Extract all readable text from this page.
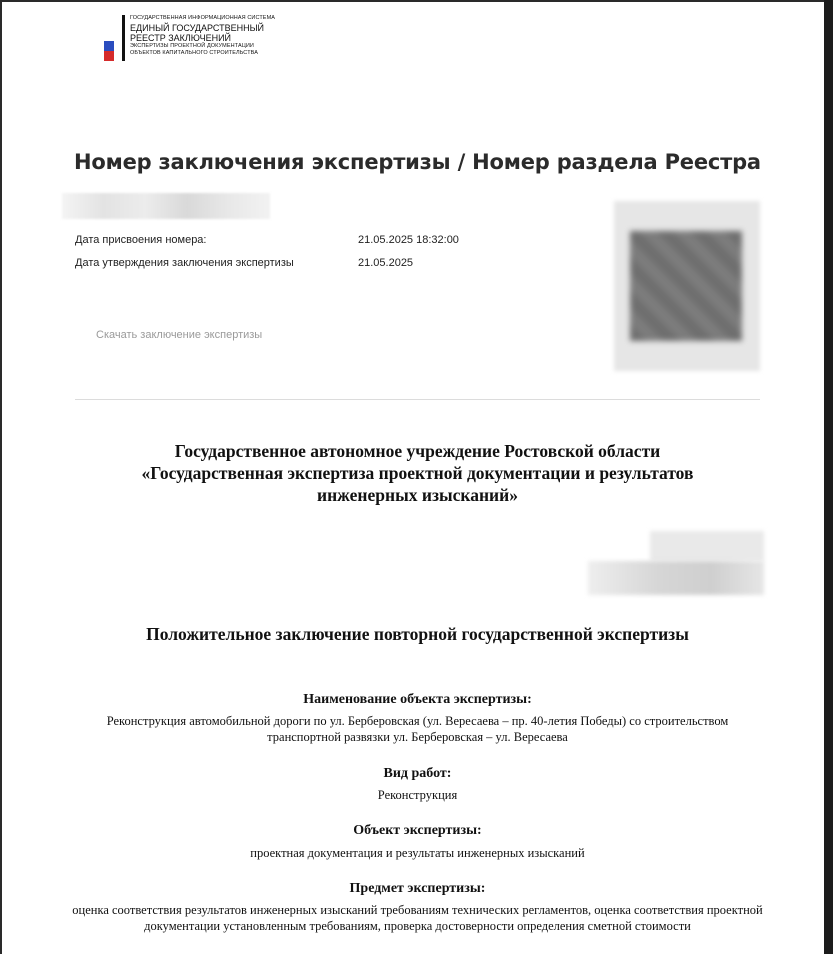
ГОСУДАРСТВЕННАЯ ИНФОРМАЦИОННАЯ СИСТЕМА
ЕДИНЫЙ ГОСУДАРСТВЕННЫЙ
РЕЕСТР ЗАКЛЮЧЕНИЙ
ЭКСПЕРТИЗЫ ПРОЕКТНОЙ ДОКУМЕНТАЦИИ
ОБЪЕКТОВ КАПИТАЛЬНОГО СТРОИТЕЛЬСТВА
Номер заключения экспертизы / Номер раздела Реестра
Дата присвоения номера:	21.05.2025 18:32:00
Дата утверждения заключения экспертизы	21.05.2025
Скачать заключение экспертизы
Государственное автономное учреждение Ростовской области
«Государственная экспертиза проектной документации и результатов
инженерных изысканий»
Положительное заключение повторной государственной экспертизы
Наименование объекта экспертизы:
Реконструкция автомобильной дороги по ул. Берберовская (ул. Вересаева – пр. 40-летия Победы) со строительством транспортной развязки ул. Берберовская – ул. Вересаева
Вид работ:
Реконструкция
Объект экспертизы:
проектная документация и результаты инженерных изысканий
Предмет экспертизы:
оценка соответствия результатов инженерных изысканий требованиям технических регламентов, оценка соответствия проектной документации установленным требованиям, проверка достоверности определения сметной стоимости
